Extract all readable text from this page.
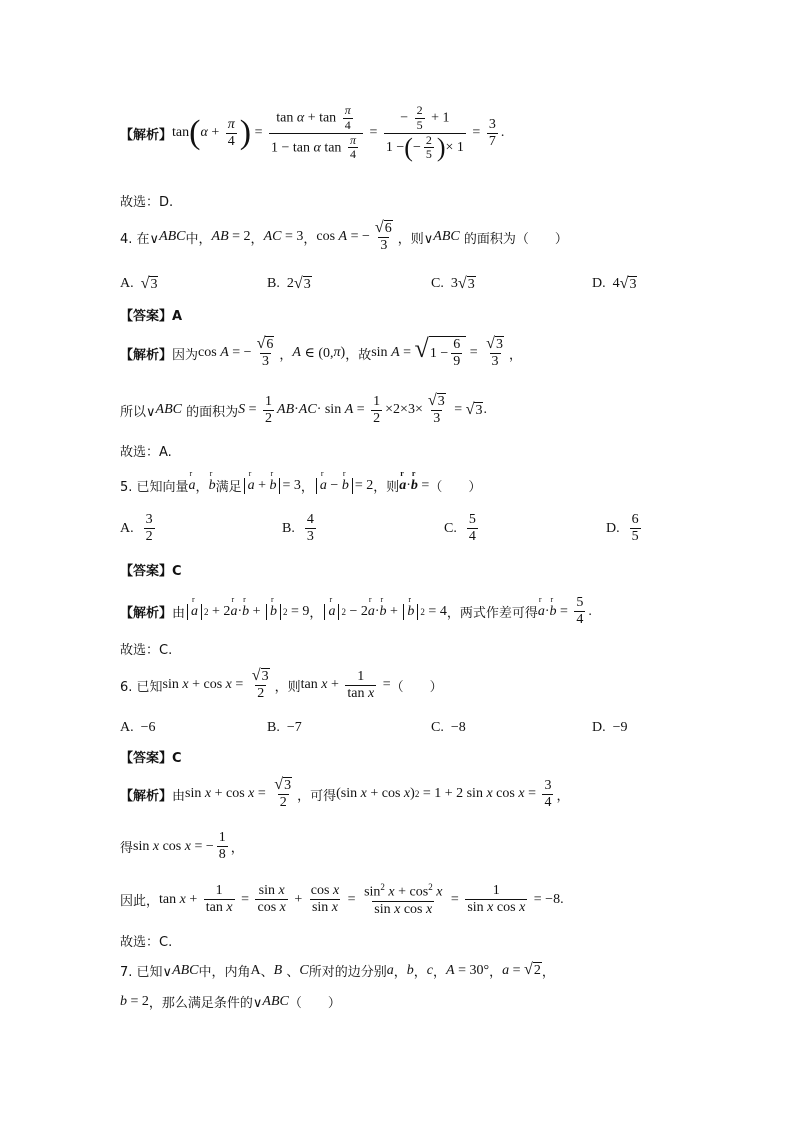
【解析】 tan ( $\alpha + \frac{\pi}{4}$ ) = $\frac{\tan \alpha + \tan \frac{\pi}{4}}{1 - \tan \alpha \tan \frac{\pi}{4}} = \frac{- \frac{2}{5} + 1}{1 - ( - \frac{2}{5} ) \times 1} = \frac{3}{7}$ .
故选：D.
4. 在∨ ABC 中， AB = 2 ， AC = 3 ， cos A = − $\frac{√ 6}{3}$ ，则∨ ABC 的面积为（　　）
A. √ 3	B.  2 √ 3	C.  3 √ 3	D.  4 √ 3
【答案】A
【解析】 因为 cos A = − $\frac{√ 6}{3}$ ， A ∈ (0, π ) ，故 sin A = √ $1 - \frac{6}{9} = \frac{√ 3}{3}$ ，
所以∨ ABC 的面积为 $S = \frac{1}{2}$ AB · AC · $\sin A = \frac{1}{2} \times 2\times 3\times \frac{√ 3}{3}$ = √ 3 .
故选：A.
5. 已知向量 r a ， r b 满足 r a + r b = 3 ， r a − r b = 2 ，则 r a · r b = （　　）
A. $\frac{3}{2}$	B. $\frac{4}{3}$	C. $\frac{5}{4}$	D. $\frac{6}{5}$
【答案】C
【解析】 由 r a 2 + 2 r a · r b + r b 2 = 9 ， r a 2 − 2 r a · r b + r b 2 = 4 ，两式作差可得 r a · r $b = \frac{5}{4}$ .
故选：C.
6. 已知 $\sin x + \cos x = \frac{√ 3}{2}$ ，则 $\tan x + \frac{1}{\text{tan x}}$ = （　　）
A.  −6	B.  −7	C.  −8	D.  −9
【答案】C
【解析】 由 $\sin x + \cos x = \frac{√ 3}{2}$ ，可得 (sin x + cos x ) 2 = 1 + 2 sin x $\cos x = \frac{3}{4}$ ，
得 sin x cos x = − $\frac{1}{8}$ ，
因此， $\tan x + \frac{1}{\text{tan x}} = \frac{\text{sin x}}{\text{cos x}} + \frac{\text{cos x}}{\text{sin x}} = \frac{\sin^2 x + \cos^2 x}{\text{sin x cos x}} = \frac{1}{\text{sin x cos x}} = -8$.
故选：C.
7. 已知∨ ABC 中，内角 A 、 B 、 C 所对的边分别 a ， b ， c ， A = 30° ， a = √ 2 ，
b = 2 ，那么满足条件的∨ ABC （　　）
